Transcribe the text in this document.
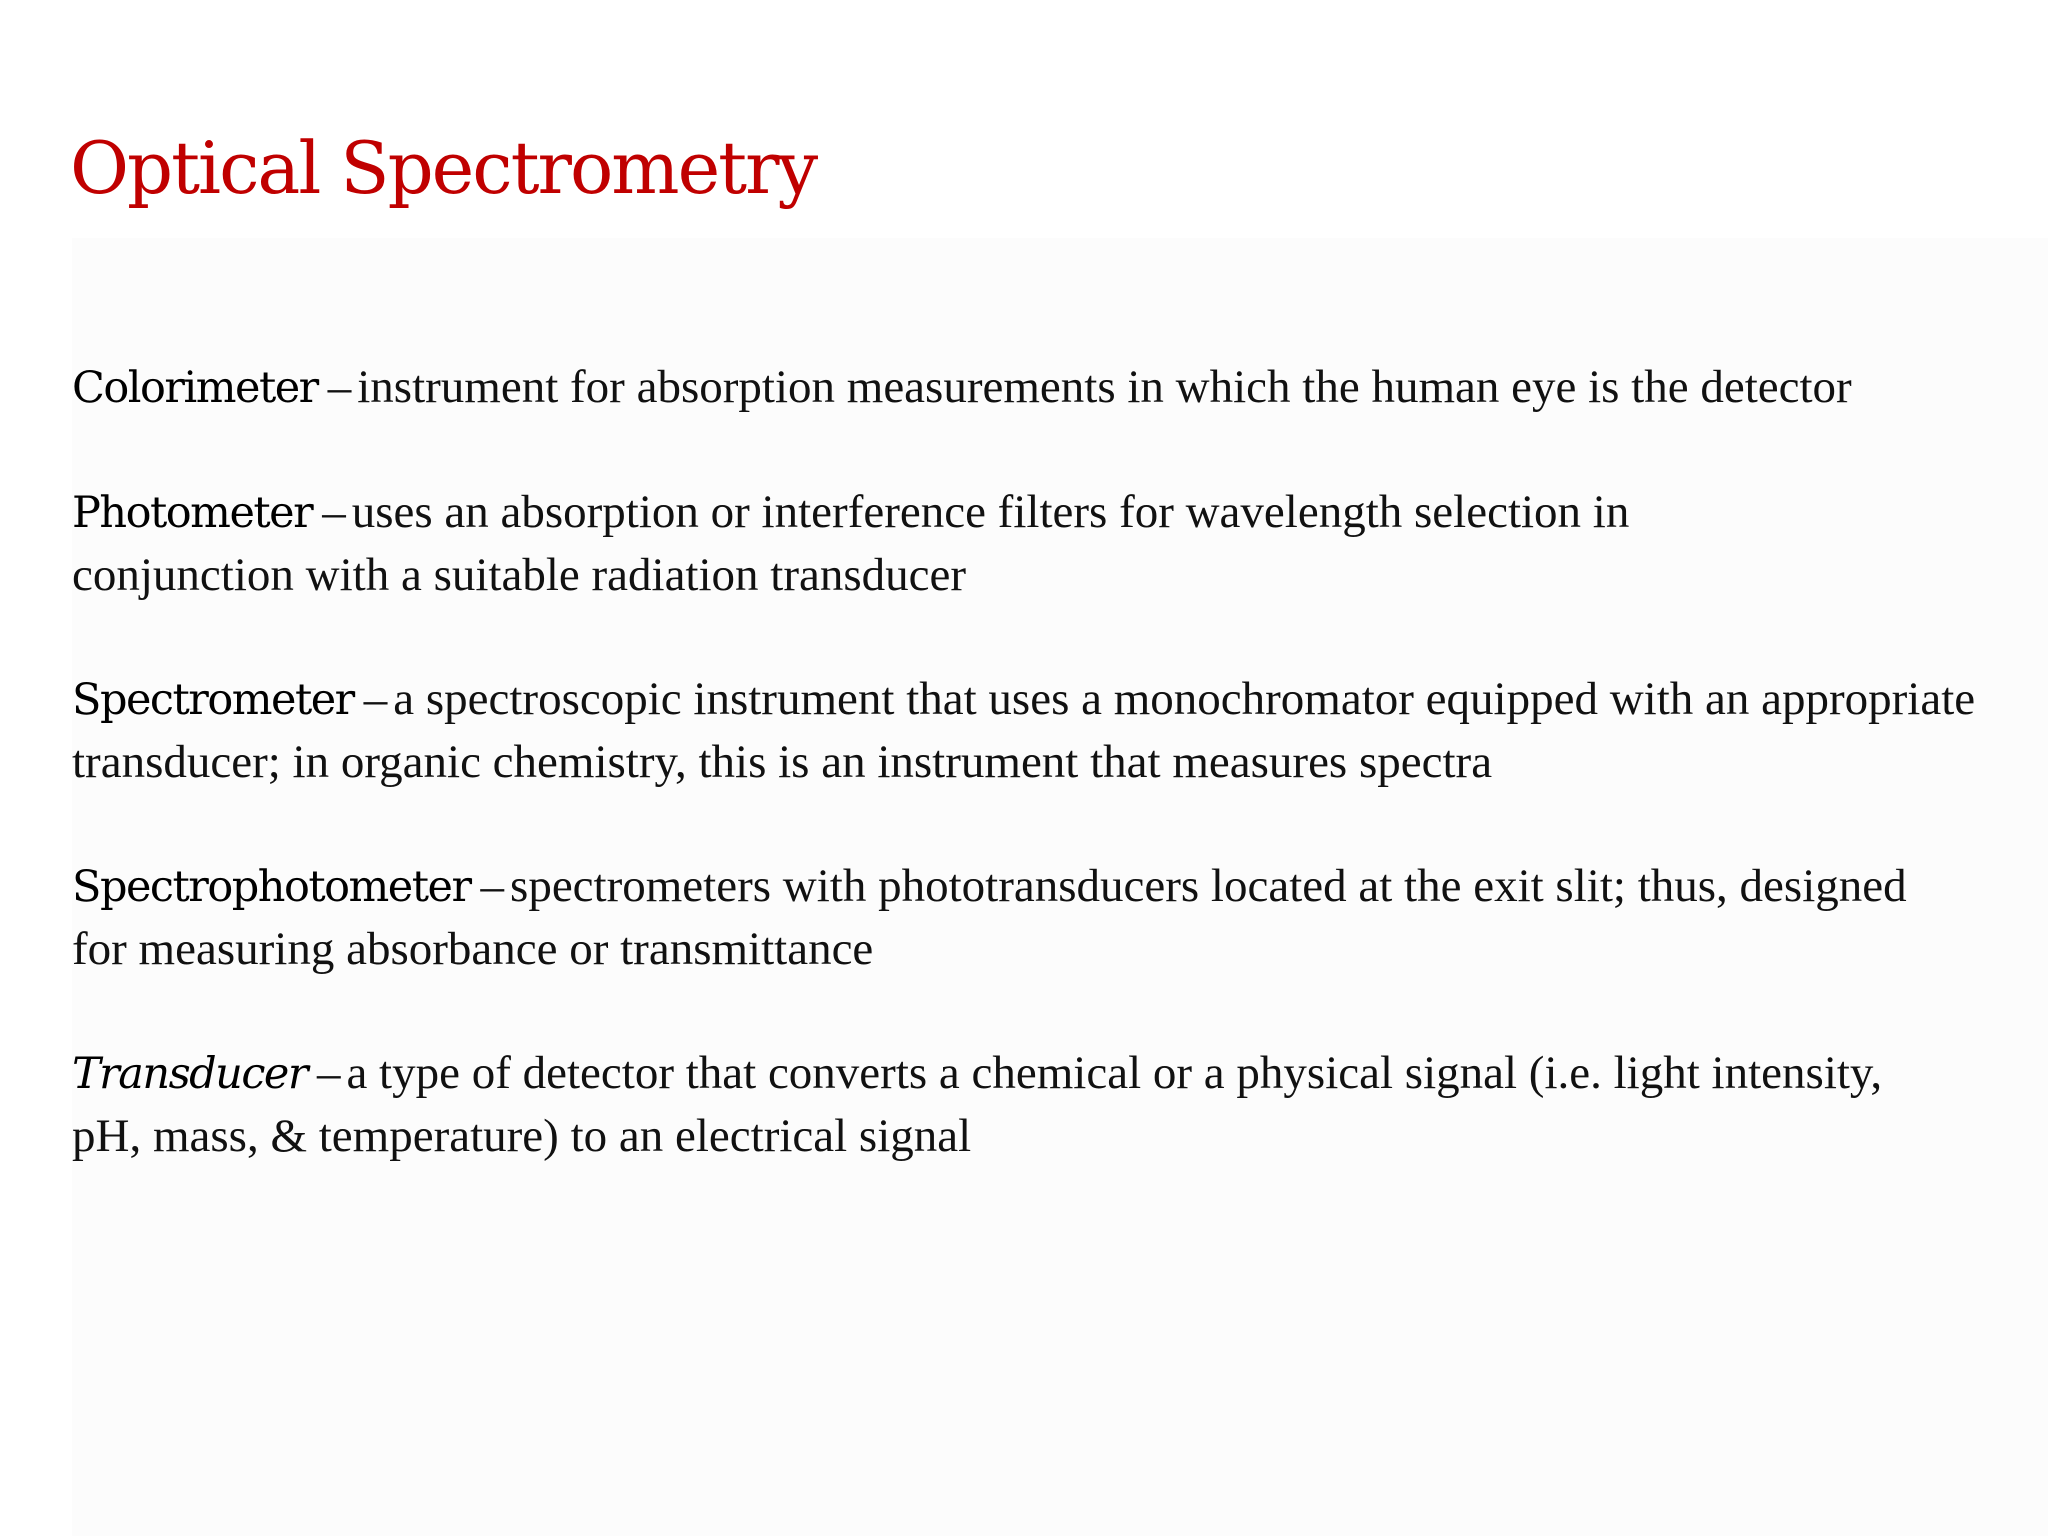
Optical Spectrometry

Colorimeter – instrument for absorption measurements in which the human eye is the detector

Photometer – uses an absorption or interference filters for wavelength selection in conjunction with a suitable radiation transducer

Spectrometer – a spectroscopic instrument that uses a monochromator equipped with an appropriate transducer; in organic chemistry, this is an instrument that measures spectra

Spectrophotometer – spectrometers with phototransducers located at the exit slit; thus, designed for measuring absorbance or transmittance

Transducer – a type of detector that converts a chemical or a physical signal (i.e. light intensity, pH, mass, & temperature) to an electrical signal
